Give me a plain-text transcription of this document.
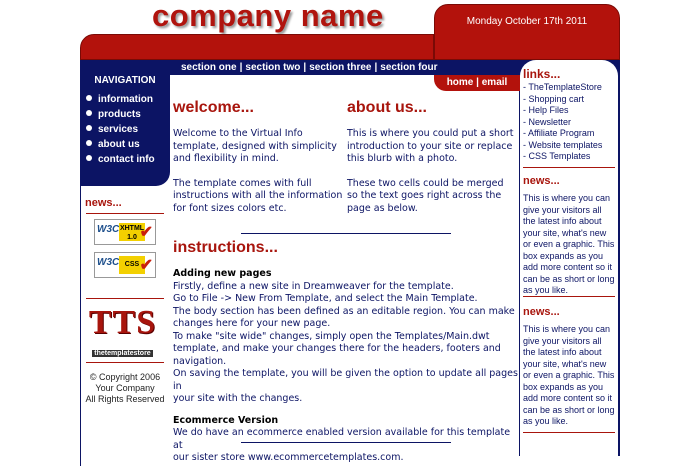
company name	Monday October 17th 2011
section one | section two | section three | section four
NAVIGATION
information
products
services
about us
contact info
news...
W3C XHTML
1.0 ✔
W3C CSS ✔
TTS
thetemplatestore
© Copyright 2006
Your Company
All Rights Reserved
home | email
links...
- TheTemplateStore
- Shopping cart
- Help Files
- Newsletter
- Affiliate Program
- Website templates
- CSS Templates
news...
This is where you can give your visitors all the latest info about your site, what's new or even a graphic. This box expands as you add more content so it can be as short or long as you like.
news...
This is where you can give your visitors all the latest info about your site, what's new or even a graphic. This box expands as you add more content so it can be as short or long as you like.
welcome...

Welcome to the Virtual Info template, designed with simplicity and flexibility in mind.

The template comes with full instructions with all the information for font sizes colors etc.

about us...

This is where you could put a short introduction to your site or replace this blurb with a photo.

These two cells could be merged so the text goes right across the page as below.

instructions...
Adding new pages
Firstly, define a new site in Dreamweaver for the template.
Go to File -> New From Template, and select the Main Template.
The body section has been defined as an editable region. You can make
changes here for your new page.
To make "site wide" changes, simply open the Templates/Main.dwt
template, and make your changes there for the headers, footers and
navigation.
On saving the template, you will be given the option to update all pages in
your site with the changes.
Ecommerce Version
We do have an ecommerce enabled version available for this template at
our sister store www.ecommercetemplates.com.
